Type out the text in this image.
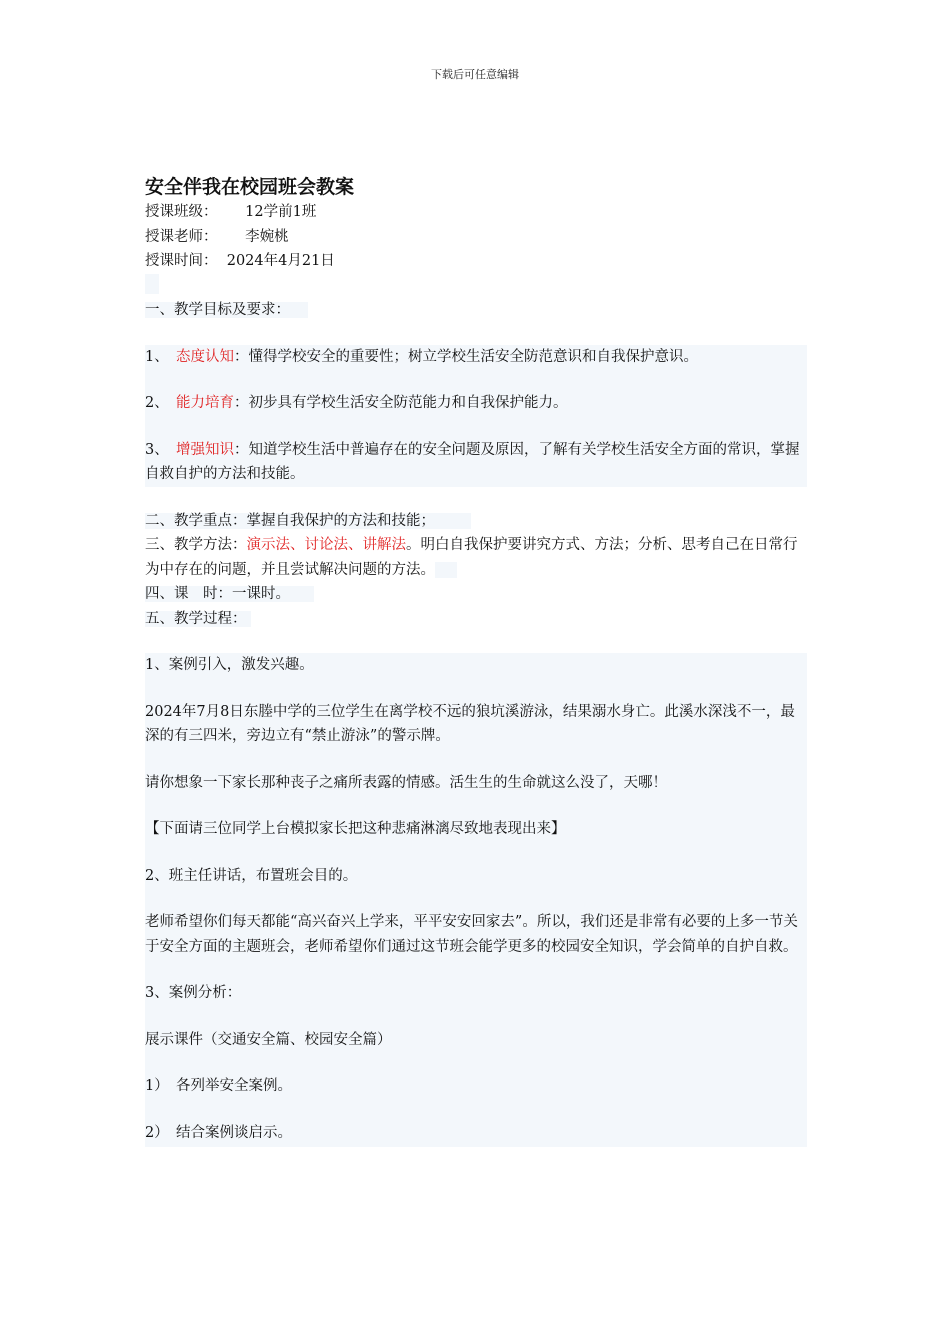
下载后可任意编辑
安全伴我在校园班会教案
授课班级： 12学前1班
授课老师： 李婉桃
授课时间： 2024年4月21日
一、教学目标及要求：
1、　 态度认知：懂得学校安全的重要性；树立学校生活安全防范意识和自我保护意识。
2、　 能力培育：初步具有学校生活安全防范能力和自我保护能力。
3、　 增强知识：知道学校生活中普遍存在的安全问题及原因，了解有关学校生活安全方面的常识，掌握自救自护的方法和技能。
二、教学重点：掌握自我保护的方法和技能；
三、教学方法：演示法、讨论法、讲解法。明白自我保护要讲究方式、方法；分析、思考自己在日常行为中存在的问题，并且尝试解决问题的方法。
四、课　时：一课时。
五、教学过程：
1、案例引入，激发兴趣。
2024年7月8日东塍中学的三位学生在离学校不远的狼坑溪游泳，结果溺水身亡。此溪水深浅不一，最深的有三四米，旁边立有“禁止游泳”的警示牌。
请你想象一下家长那种丧子之痛所表露的情感。活生生的生命就这么没了，天哪！
【下面请三位同学上台模拟家长把这种悲痛淋漓尽致地表现出来】
2、班主任讲话，布置班会目的。
老师希望你们每天都能“高兴奋兴上学来，平平安安回家去”。所以，我们还是非常有必要的上多一节关于安全方面的主题班会，老师希望你们通过这节班会能学更多的校园安全知识，学会简单的自护自救。
3、案例分析：
展示课件（交通安全篇、校园安全篇）
1）　各列举安全案例。
2）　结合案例谈启示。
